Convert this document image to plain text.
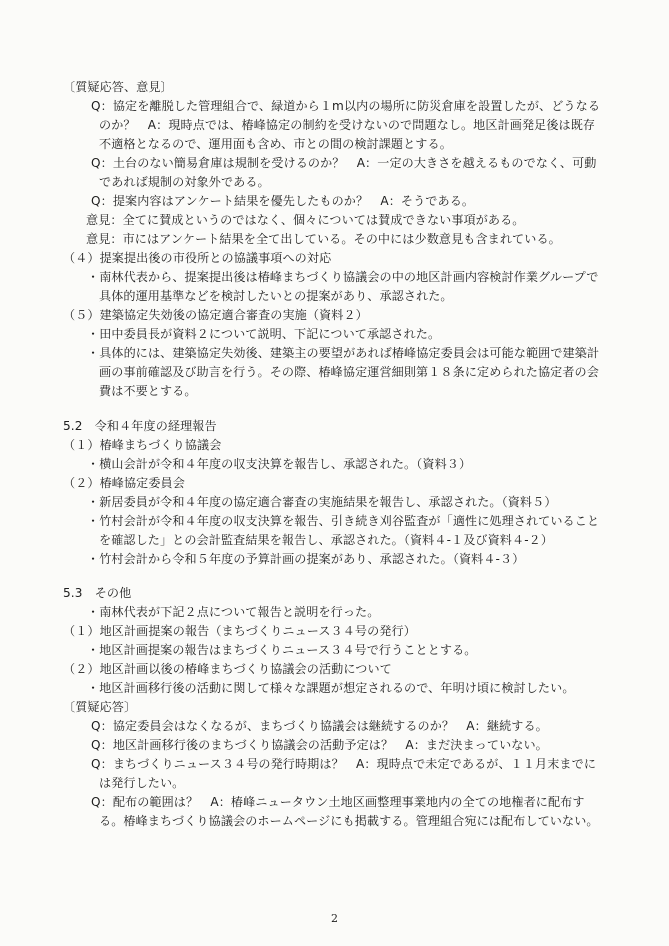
〔質疑応答、意見〕
Q：協定を離脱した管理組合で、緑道から１m以内の場所に防災倉庫を設置したが、どうなる
のか？　A：現時点では、椿峰協定の制約を受けないので問題なし。地区計画発足後は既存
不適格となるので、運用面も含め、市との間の検討課題とする。
Q：土台のない簡易倉庫は規制を受けるのか？　A：一定の大きさを越えるものでなく、可動
であれば規制の対象外である。
Q：提案内容はアンケート結果を優先したものか？　A：そうである。
意見：全てに賛成というのではなく、個々については賛成できない事項がある。
意見：市にはアンケート結果を全て出している。その中には少数意見も含まれている。
（４）提案提出後の市役所との協議事項への対応
・南林代表から、提案提出後は椿峰まちづくり協議会の中の地区計画内容検討作業グループで
具体的運用基準などを検討したいとの提案があり、承認された。
（５）建築協定失効後の協定適合審査の実施（資料２）
・田中委員長が資料２について説明、下記について承認された。
・具体的には、建築協定失効後、建築主の要望があれば椿峰協定委員会は可能な範囲で建築計
画の事前確認及び助言を行う。その際、椿峰協定運営細則第１８条に定められた協定者の会
費は不要とする。
5.2　令和４年度の経理報告
（１）椿峰まちづくり協議会
・横山会計が令和４年度の収支決算を報告し、承認された。（資料３）
（２）椿峰協定委員会
・新居委員が令和４年度の協定適合審査の実施結果を報告し、承認された。（資料５）
・竹村会計が令和４年度の収支決算を報告、引き続き刈谷監査が「適性に処理されていること
を確認した」との会計監査結果を報告し、承認された。（資料４-１及び資料４-２）
・竹村会計から令和５年度の予算計画の提案があり、承認された。（資料４-３）
5.3　その他
・南林代表が下記２点について報告と説明を行った。
（１）地区計画提案の報告（まちづくりニュース３４号の発行）
・地区計画提案の報告はまちづくりニュース３４号で行うこととする。
（２）地区計画以後の椿峰まちづくり協議会の活動について
・地区計画移行後の活動に関して様々な課題が想定されるので、年明け頃に検討したい。
〔質疑応答〕
Q：協定委員会はなくなるが、まちづくり協議会は継続するのか？　A：継続する。
Q：地区計画移行後のまちづくり協議会の活動予定は？　A：まだ決まっていない。
Q：まちづくりニュース３４号の発行時期は？　A：現時点で未定であるが、１１月末までに
は発行したい。
Q：配布の範囲は？　A：椿峰ニュータウン土地区画整理事業地内の全ての地権者に配布す
る。椿峰まちづくり協議会のホームページにも掲載する。管理組合宛には配布していない。
2
